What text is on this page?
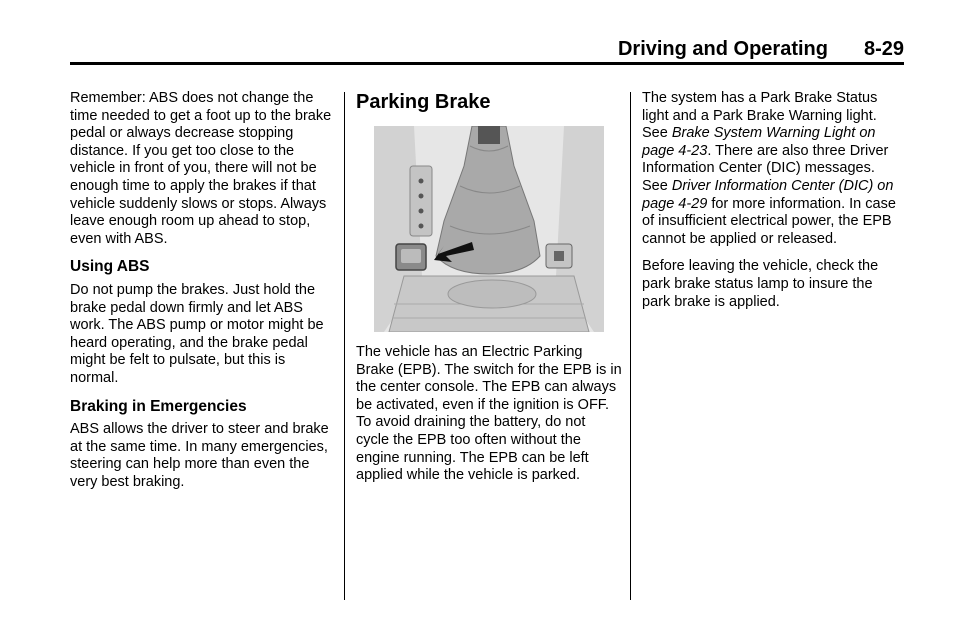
Driving and Operating 8-29

Remember: ABS does not change the time needed to get a foot up to the brake pedal or always decrease stopping distance. If you get too close to the vehicle in front of you, there will not be enough time to apply the brakes if that vehicle suddenly slows or stops. Always leave enough room up ahead to stop, even with ABS.

Using ABS

Do not pump the brakes. Just hold the brake pedal down firmly and let ABS work. The ABS pump or motor might be heard operating, and the brake pedal might be felt to pulsate, but this is normal.

Braking in Emergencies

ABS allows the driver to steer and brake at the same time. In many emergencies, steering can help more than even the very best braking.

Parking Brake

The vehicle has an Electric Parking Brake (EPB). The switch for the EPB is in the center console. The EPB can always be activated, even if the ignition is OFF. To avoid draining the battery, do not cycle the EPB too often without the engine running. The EPB can be left applied while the vehicle is parked.

The system has a Park Brake Status light and a Park Brake Warning light. See Brake System Warning Light on page 4‑23. There are also three Driver Information Center (DIC) messages. See Driver Information Center (DIC) on page 4‑29 for more information. In case of insufficient electrical power, the EPB cannot be applied or released.

Before leaving the vehicle, check the park brake status lamp to insure the park brake is applied.
